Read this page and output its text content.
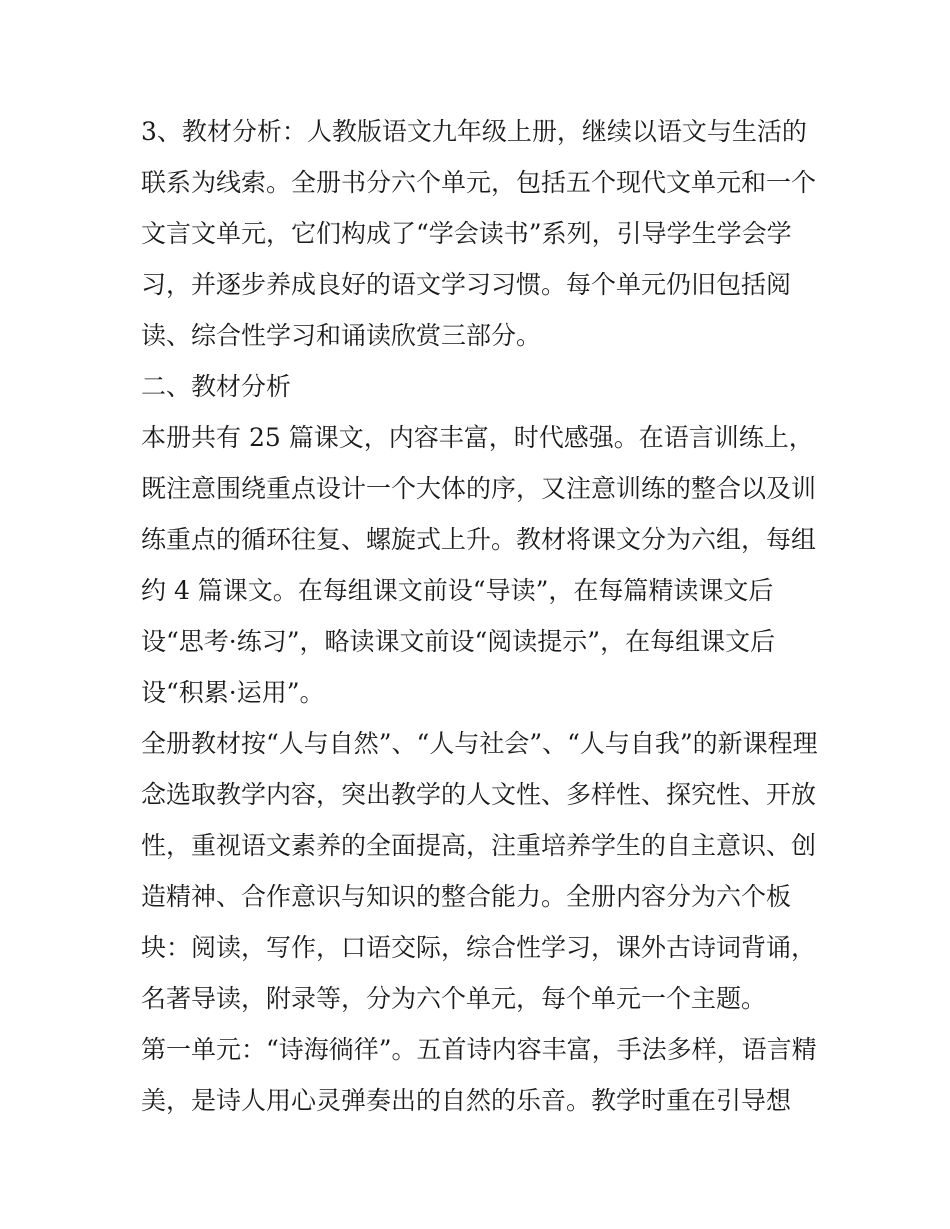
3、教材分析：人教版语文九年级上册，继续以语文与生活的
联系为线索。全册书分六个单元，包括五个现代文单元和一个
文言文单元，它们构成了“学会读书”系列，引导学生学会学
习，并逐步养成良好的语文学习习惯。每个单元仍旧包括阅
读、综合性学习和诵读欣赏三部分。
二、教材分析
本册共有 25 篇课文，内容丰富，时代感强。在语言训练上，
既注意围绕重点设计一个大体的序，又注意训练的整合以及训
练重点的循环往复、螺旋式上升。教材将课文分为六组，每组
约 4 篇课文。在每组课文前设“导读”，在每篇精读课文后
设“思考·练习”，略读课文前设“阅读提示”，在每组课文后
设“积累·运用”。
全册教材按“人与自然”、“人与社会”、“人与自我”的新课程理
念选取教学内容，突出教学的人文性、多样性、探究性、开放
性，重视语文素养的全面提高，注重培养学生的自主意识、创
造精神、合作意识与知识的整合能力。全册内容分为六个板
块：阅读，写作，口语交际，综合性学习，课外古诗词背诵，
名著导读，附录等，分为六个单元，每个单元一个主题。
第一单元：“诗海徜徉”。五首诗内容丰富，手法多样，语言精
美，是诗人用心灵弹奏出的自然的乐音。教学时重在引导想
